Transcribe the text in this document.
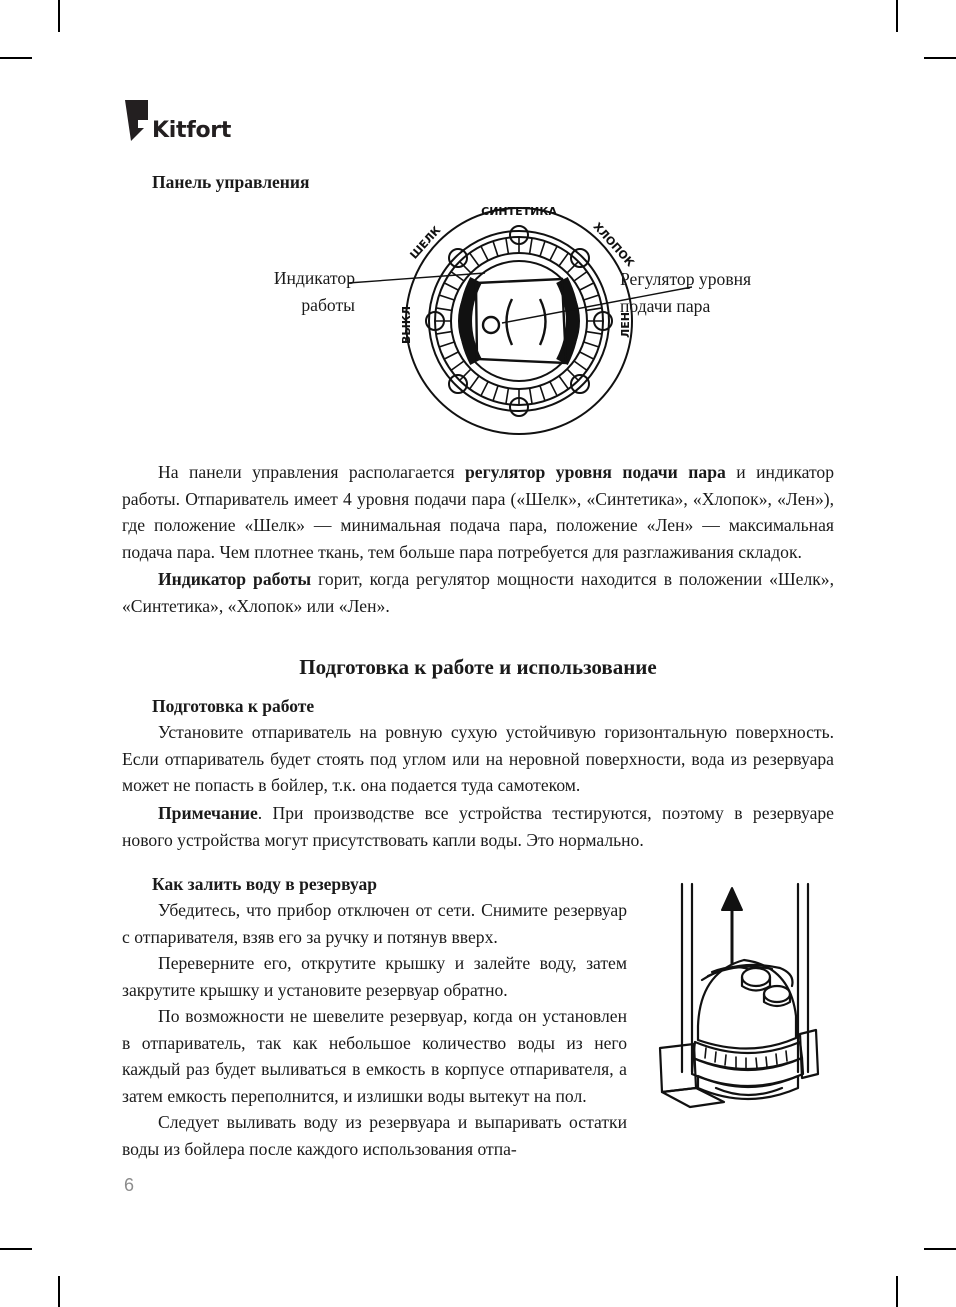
Kitfort
Панель управления
СИНТЕТИКА
ШЕЛК	ХЛОПОК
ВЫКЛ	ЛЕН
Индикатор
работы
Регулятор уровня
подачи пара
На панели управления располагается регулятор уровня подачи пара и индикатор работы. Отпариватель имеет 4 уровня подачи пара («Шелк», «Синтетика», «Хлопок», «Лен»), где положение «Шелк» — минимальная подача пара, положение «Лен» — максимальная подача пара. Чем плотнее ткань, тем больше пара потребуется для разглаживания складок.
Индикатор работы горит, когда регулятор мощности находится в положении «Шелк», «Синтетика», «Хлопок» или «Лен».
Подготовка к работе и использование
Подготовка к работе
Установите отпариватель на ровную сухую устойчивую горизонтальную поверхность. Если отпариватель будет стоять под углом или на неровной поверхности, вода из резервуара может не попасть в бойлер, т.к. она подается туда самотеком.
Примечание. При производстве все устройства тестируются, поэтому в резервуаре нового устройства могут присутствовать капли воды. Это нормально.
Как залить воду в резервуар
Убедитесь, что прибор отключен от сети. Снимите резервуар с отпаривателя, взяв его за ручку и потянув вверх.
Переверните его, открутите крышку и залейте воду, затем закрутите крышку и установите резервуар обратно.
По возможности не шевелите резервуар, когда он установлен в отпариватель, так как небольшое количество воды из него каждый раз будет выливаться в емкость в корпусе отпаривателя, а затем емкость переполнится, и излишки воды вытекут на пол.
Следует выливать воду из резервуара и выпаривать остатки воды из бойлера после каждого использования отпа-
6
